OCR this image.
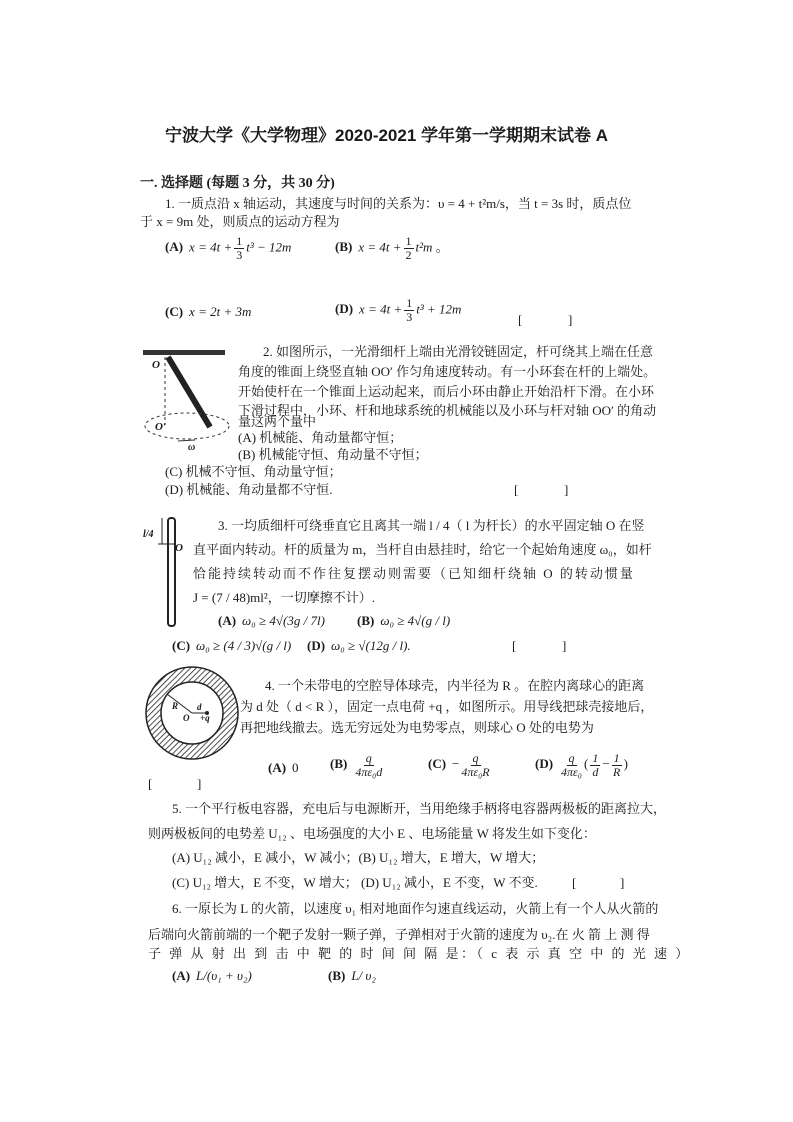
宁波大学《大学物理》2020-2021 学年第一学期期末试卷 A
一. 选择题 (每题 3 分，共 30 分)
1. 一质点沿 x 轴运动，其速度与时间的关系为：υ = 4 + t²m/s，当 t = 3s 时，质点位
于 x = 9m 处，则质点的运动方程为
(A) $x = 4t + \frac{1}{3} t^3 - 12m$	(B) $x = 4t + \frac{1}{2} t^2m$ 。
(C) x = 2t + 3m	(D) $x = 4t + \frac{1}{3} t^3 + 12m$
[	]
O
O′
ω
2. 如图所示，一光滑细杆上端由光滑铰链固定，杆可绕其上端在任意
角度的锥面上绕竖直轴 OO′ 作匀角速度转动。有一小环套在杆的上端处。
开始使杆在一个锥面上运动起来，而后小环由静止开始沿杆下滑。在小环
下滑过程中，小环、杆和地球系统的机械能以及小环与杆对轴 OO′ 的角动
量这两个量中
(A) 机械能、角动量都守恒；
(B) 机械能守恒、角动量不守恒；
(C) 机械不守恒、角动量守恒；
(D) 机械能、角动量都不守恒.	[	]
l/4
O
3. 一均质细杆可绕垂直它且离其一端 l / 4（ l 为杆长）的水平固定轴 O 在竖
直平面内转动。杆的质量为 m，当杆自由悬挂时，给它一个起始角速度 ω₀，如杆
恰能持续转动而不作往复摆动则需要（已知细杆绕轴 O 的转动惯量
J = (7 / 48)ml²，一切摩擦不计）.
(A) ω₀ ≥ 4√(3g / 7l) (B) ω₀ ≥ 4√(g / l)
(C) ω₀ ≥ (4 / 3)√(g / l) (D) ω₀ ≥ √(12g / l).	[	]
R d
O +q
4. 一个未带电的空腔导体球壳，内半径为 R 。在腔内离球心的距离
为 d 处（ d < R ），固定一点电荷 +q ，如图所示。用导线把球壳接地后，
再把地线撤去。选无穷远处为电势零点，则球心 O 处的电势为
(A) 0 $(B) \frac{q}{\text{4πε₀d}}$	$(C) - \frac{q}{\text{4πε₀R}}$	$(D) \frac{q}{\text{4πε₀}}$ ( $\frac{1}{d} - \frac{1}{R}$ )
[	]
5. 一个平行板电容器，充电后与电源断开，当用绝缘手柄将电容器两极板的距离拉大，
则两极板间的电势差 U₁₂ 、电场强度的大小 E 、电场能量 W 将发生如下变化：
(A) U₁₂ 减小，E 减小，W 减小；(B) U₁₂ 增大，E 增大，W 增大；
(C) U₁₂ 增大，E 不变，W 增大； (D) U₁₂ 减小，E 不变，W 不变.	[	]
6. 一原长为 L 的火箭，以速度 υ₁ 相对地面作匀速直线运动，火箭上有一个人从火箭的
后端向火箭前端的一个靶子发射一颗子弹，子弹相对于火箭的速度为 υ₂.在 火 箭 上 测 得
子 弹 从 射 出 到 击 中 靶 的 时 间 间 隔 是：（ c 表 示 真 空 中 的 光 速 ）
(A) L/(υ₁ + υ₂)	(B) L/ υ₂
